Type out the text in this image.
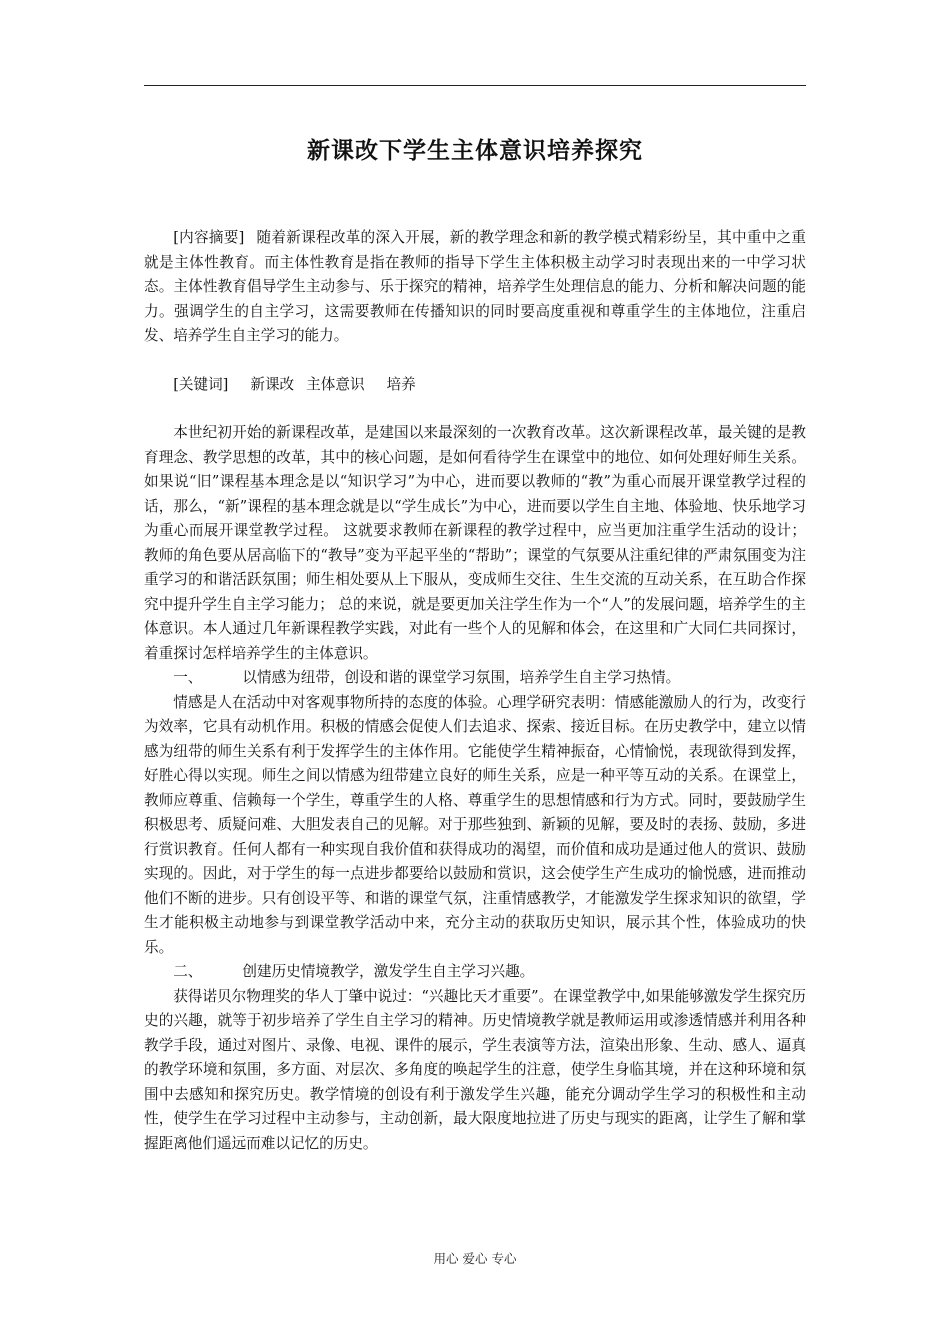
新课改下学生主体意识培养探究

[内容摘要] 随着新课程改革的深入开展，新的教学理念和新的教学模式精彩纷呈，其中重中之重就是主体性教育。而主体性教育是指在教师的指导下学生主体积极主动学习时表现出来的一中学习状态。主体性教育倡导学生主动参与、乐于探究的精神，培养学生处理信息的能力、分析和解决问题的能力。强调学生的自主学习，这需要教师在传播知识的同时要高度重视和尊重学生的主体地位，注重启发、培养学生自主学习的能力。

[关键词] 新课改 主体意识 培养

本世纪初开始的新课程改革，是建国以来最深刻的一次教育改革。这次新课程改革，最关键的是教育理念、教学思想的改革，其中的核心问题，是如何看待学生在课堂中的地位、如何处理好师生关系。如果说“旧”课程基本理念是以“知识学习”为中心，进而要以教师的“教”为重心而展开课堂教学过程的话，那么，“新”课程的基本理念就是以“学生成长”为中心，进而要以学生自主地、体验地、快乐地学习为重心而展开课堂教学过程。 这就要求教师在新课程的教学过程中，应当更加注重学生活动的设计； 教师的角色要从居高临下的“教导”变为平起平坐的“帮助”；课堂的气氛要从注重纪律的严肃氛围变为注重学习的和谐活跃氛围；师生相处要从上下服从，变成师生交往、生生交流的互动关系，在互助合作探究中提升学生自主学习能力； 总的来说，就是要更加关注学生作为一个“人”的发展问题，培养学生的主体意识。本人通过几年新课程教学实践，对此有一些个人的见解和体会，在这里和广大同仁共同探讨，着重探讨怎样培养学生的主体意识。

一、	以情感为纽带，创设和谐的课堂学习氛围，培养学生自主学习热情。

情感是人在活动中对客观事物所持的态度的体验。心理学研究表明：情感能激励人的行为，改变行为效率，它具有动机作用。积极的情感会促使人们去追求、探索、接近目标。在历史教学中，建立以情感为纽带的师生关系有利于发挥学生的主体作用。它能使学生精神振奋，心情愉悦，表现欲得到发挥，好胜心得以实现。师生之间以情感为纽带建立良好的师生关系，应是一种平等互动的关系。在课堂上，教师应尊重、信赖每一个学生，尊重学生的人格、尊重学生的思想情感和行为方式。同时，要鼓励学生积极思考、质疑问难、大胆发表自己的见解。对于那些独到、新颖的见解，要及时的表扬、鼓励，多进行赏识教育。任何人都有一种实现自我价值和获得成功的渴望，而价值和成功是通过他人的赏识、鼓励实现的。因此，对于学生的每一点进步都要给以鼓励和赏识，这会使学生产生成功的愉悦感，进而推动他们不断的进步。只有创设平等、和谐的课堂气氛，注重情感教学，才能激发学生探求知识的欲望，学生才能积极主动地参与到课堂教学活动中来，充分主动的获取历史知识，展示其个性，体验成功的快乐。

二、	创建历史情境教学，激发学生自主学习兴趣。

获得诺贝尔物理奖的华人丁肇中说过：“兴趣比天才重要”。在课堂教学中,如果能够激发学生探究历史的兴趣，就等于初步培养了学生自主学习的精神。历史情境教学就是教师运用或渗透情感并利用各种教学手段，通过对图片、录像、电视、课件的展示，学生表演等方法，渲染出形象、生动、感人、逼真的教学环境和氛围，多方面、对层次、多角度的唤起学生的注意，使学生身临其境，并在这种环境和氛围中去感知和探究历史。教学情境的创设有利于激发学生兴趣，能充分调动学生学习的积极性和主动性，使学生在学习过程中主动参与，主动创新，最大限度地拉进了历史与现实的距离，让学生了解和掌握距离他们遥远而难以记忆的历史。

用心 爱心 专心
